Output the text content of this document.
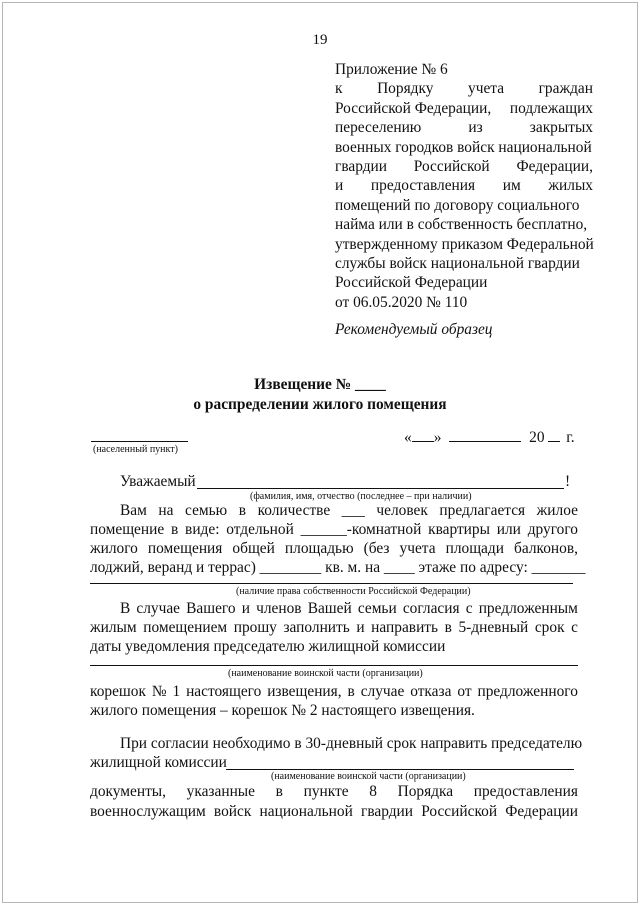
19
Приложение № 6
к Порядку учета граждан
Российской Федерации, подлежащих
переселению	из	закрытых
военных городков войск национальной
гвардии Российской Федерации,
и предоставления им жилых
помещений по договору социального
найма или в собственность бесплатно,
утвержденному приказом Федеральной
службы войск национальной гвардии
Российской Федерации
от 06.05.2020 № 110
Рекомендуемый образец
Извещение № ____
о распределении жилого помещения
(населенный пункт)
« »	20 г.
Уважаемый	!
(фамилия, имя, отчество (последнее – при наличии)
Вам на семью в количестве ___ человек предлагается жилое
помещение в виде: отдельной ______-комнатной квартиры или другого
жилого помещения общей площадью (без учета площади балконов,
лоджий, веранд и террас) ________ кв. м. на ____ этаже по адресу: _______
(наличие права собственности Российской Федерации)
В случае Вашего и членов Вашей семьи согласия с предложенным
жилым помещением прошу заполнить и направить в 5-дневный срок с
даты уведомления председателю жилищной комиссии
(наименование воинской части (организации)
корешок № 1 настоящего извещения, в случае отказа от предложенного
жилого помещения – корешок № 2 настоящего извещения.
При согласии необходимо в 30-дневный срок направить председателю
жилищной комиссии
(наименование воинской части (организации)
документы, указанные в пункте 8 Порядка предоставления
военнослужащим войск национальной гвардии Российской Федерации
